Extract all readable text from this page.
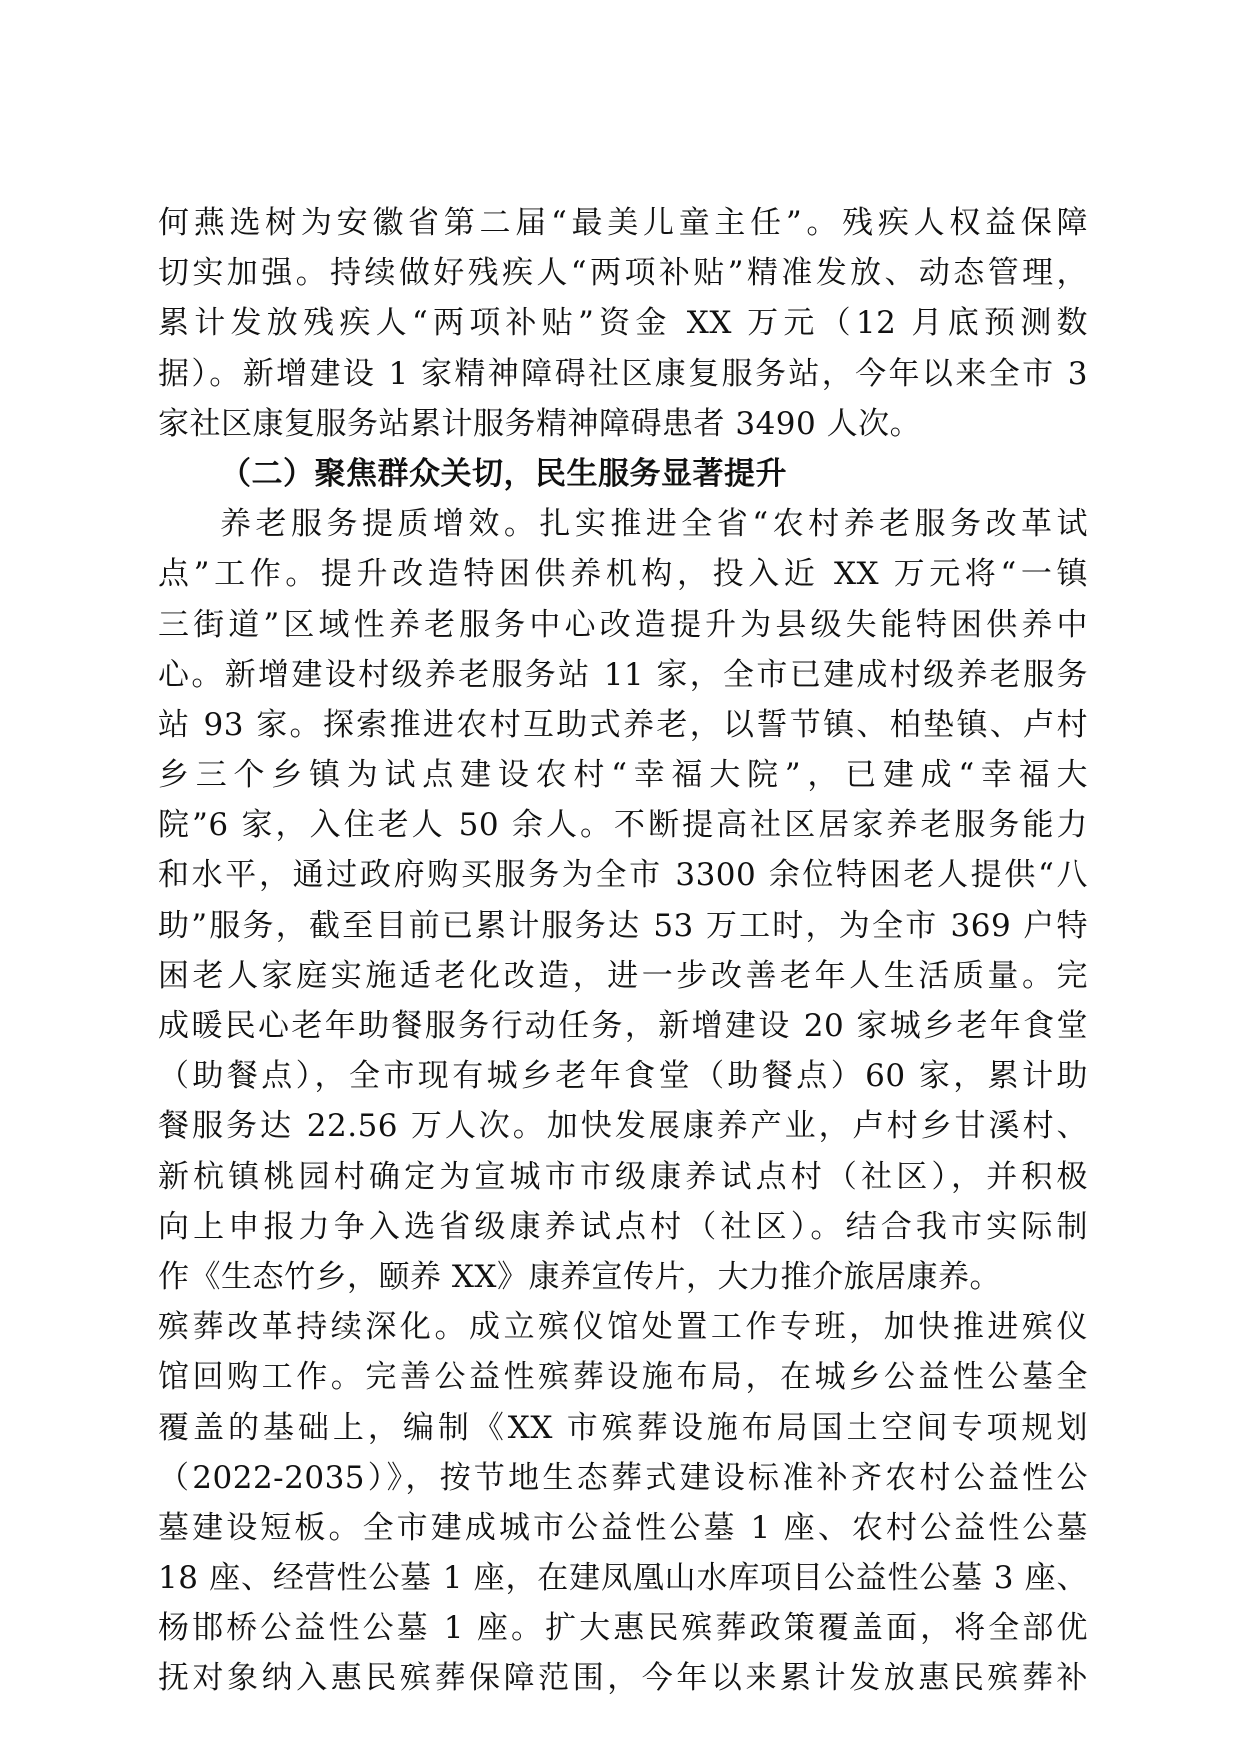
何燕选树为安徽省第二届“最美儿童主任”。残疾人权益保障
切实加强。持续做好残疾人“两项补贴”精准发放、动态管理，
累计发放残疾人“两项补贴”资金 XX 万元（12 月底预测数
据）。新增建设 1 家精神障碍社区康复服务站，今年以来全市 3
家社区康复服务站累计服务精神障碍患者 3490 人次。
（二）聚焦群众关切，民生服务显著提升
养老服务提质增效。扎实推进全省“农村养老服务改革试
点”工作。提升改造特困供养机构，投入近 XX 万元将“一镇
三街道”区域性养老服务中心改造提升为县级失能特困供养中
心。新增建设村级养老服务站 11 家，全市已建成村级养老服务
站 93 家。探索推进农村互助式养老，以誓节镇、柏垫镇、卢村
乡三个乡镇为试点建设农村“幸福大院”，已建成“幸福大
院”6 家，入住老人 50 余人。不断提高社区居家养老服务能力
和水平，通过政府购买服务为全市 3300 余位特困老人提供“八
助”服务，截至目前已累计服务达 53 万工时，为全市 369 户特
困老人家庭实施适老化改造，进一步改善老年人生活质量。完
成暖民心老年助餐服务行动任务，新增建设 20 家城乡老年食堂
（助餐点），全市现有城乡老年食堂（助餐点）60 家，累计助
餐服务达 22.56 万人次。加快发展康养产业，卢村乡甘溪村、
新杭镇桃园村确定为宣城市市级康养试点村（社区），并积极
向上申报力争入选省级康养试点村（社区）。结合我市实际制
作《生态竹乡，颐养 XX》康养宣传片，大力推介旅居康养。
殡葬改革持续深化。成立殡仪馆处置工作专班，加快推进殡仪
馆回购工作。完善公益性殡葬设施布局，在城乡公益性公墓全
覆盖的基础上，编制《XX 市殡葬设施布局国土空间专项规划
（2022-2035）》，按节地生态葬式建设标准补齐农村公益性公
墓建设短板。全市建成城市公益性公墓 1 座、农村公益性公墓
18 座、经营性公墓 1 座，在建凤凰山水库项目公益性公墓 3 座、
杨邯桥公益性公墓 1 座。扩大惠民殡葬政策覆盖面，将全部优
抚对象纳入惠民殡葬保障范围，今年以来累计发放惠民殡葬补
